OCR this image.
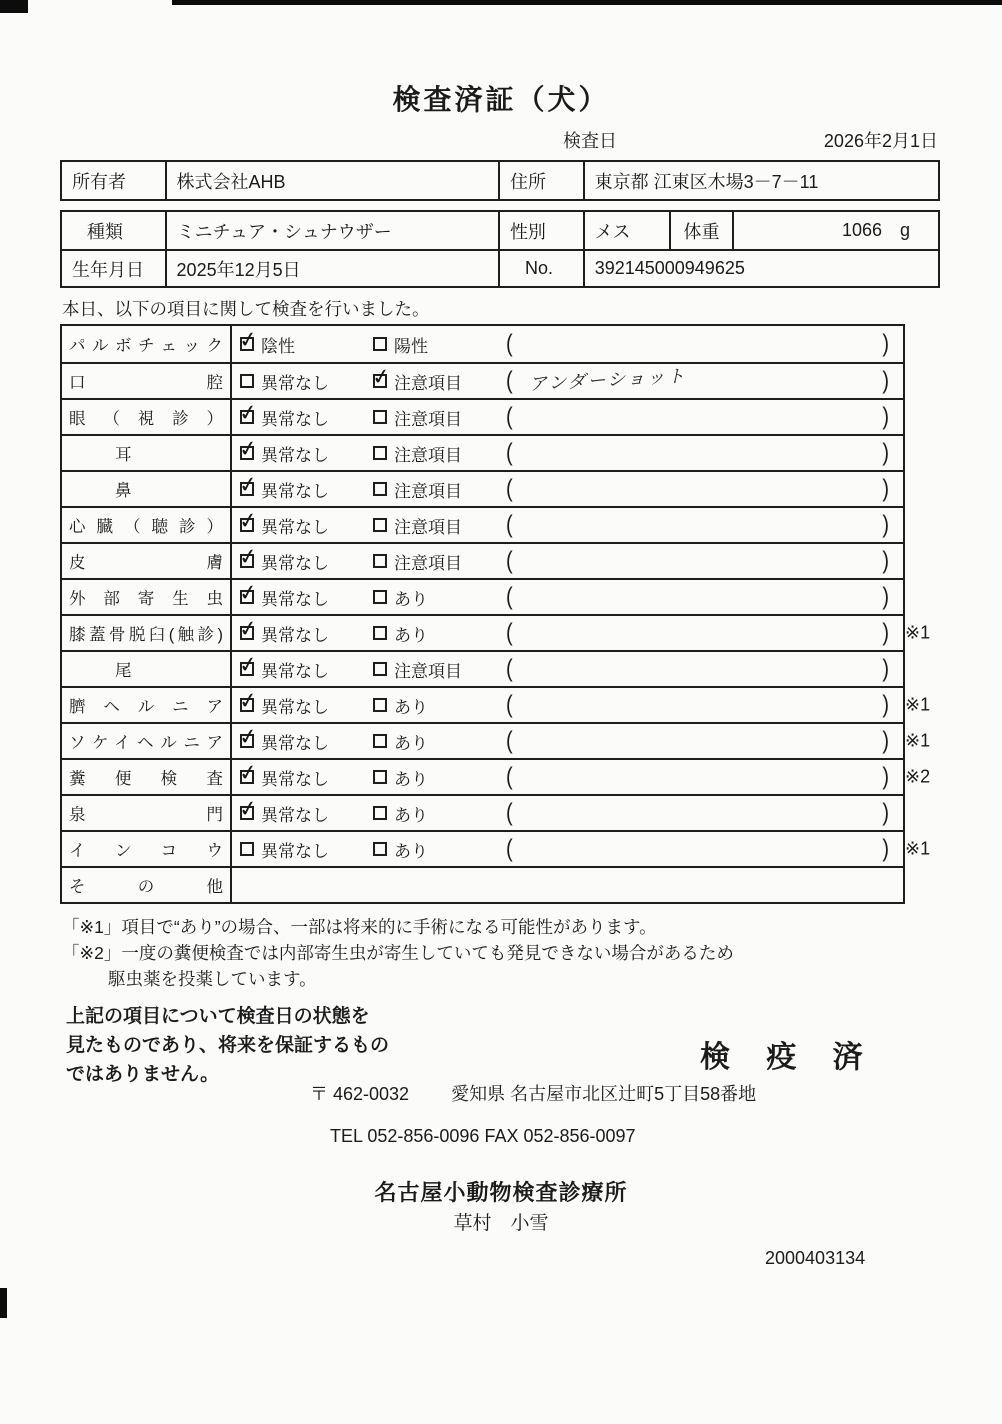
検査済証（犬）
検査日	2026年2月1日
所有者	株式会社AHB	住所	東京都 江東区木場3－7－11
種類	ミニチュア・シュナウザー	性別	メス	体重	1066 g
生年月日	2025年12月5日	No.	392145000949625
本日、以下の項目に関して検査を行いました。
パルボチェック ✓ 陰性	陽性	(	)
口腔 異常なし ✓	注意項目 ( アンダーショット	)
眼（視診） ✓ 異常なし	注意項目 (	)
耳 ✓	異常なし	注意項目 (	)
鼻 ✓	異常なし	注意項目 (	)
心臓（聴診） ✓ 異常なし	注意項目 (	)
皮膚 ✓ 異常なし	注意項目 (	)
外部寄生虫 ✓ 異常なし	あり	(	)
膝蓋骨脱臼(触診) ✓ 異常なし	あり	(	) ※1
尾 ✓	異常なし	注意項目 (	)
臍ヘルニア ✓ 異常なし	あり	(	) ※1
ソケイヘルニア ✓ 異常なし	あり	(	) ※1
糞便検査 ✓ 異常なし	あり	(	) ※2
泉門 ✓ 異常なし	あり	(	)
インコウ 異常なし	あり	(	) ※1
その他
「※1」項目で“あり”の場合、一部は将来的に手術になる可能性があります。
「※2」一度の糞便検査では内部寄生虫が寄生していても発見できない場合があるため
駆虫薬を投薬しています。
上記の項目について検査日の状態を
見たものであり、将来を保証するもの
ではありません。
検 疫 済
〒 462-0032 愛知県 名古屋市北区辻町5丁目58番地
TEL 052-856-0096 FAX 052-856-0097
名古屋小動物検査診療所
草村　小雪
2000403134
